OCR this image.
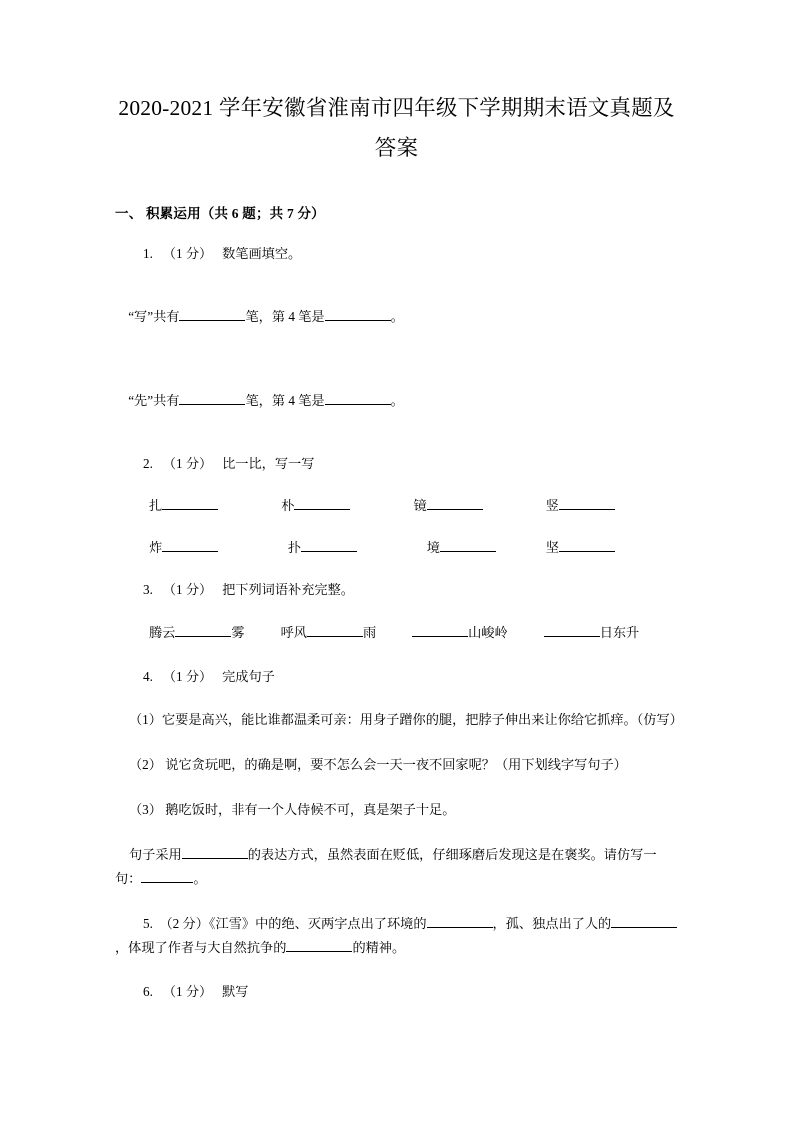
2020-2021 学年安徽省淮南市四年级下学期期末语文真题及答案
一、 积累运用（共 6 题；共 7 分）
1. （1 分） 数笔画填空。

“写”共有	笔，第 4 笔是	。

“先”共有	笔，第 4 笔是	。

2. （1 分） 比一比，写一写
扎	朴	镜	竖
炸	扑	境	坚
3. （1 分） 把下列词语补充完整。
腾云	雾	呼风	雨	山峻岭	日东升
4. （1 分） 完成句子
（1）它要是高兴，能比谁都温柔可亲：用身子蹭你的腿，把脖子伸出来让你给它抓痒。（仿写）
（2） 说它贪玩吧，的确是啊，要不怎么会一天一夜不回家呢？（用下划线字写句子）
（3） 鹅吃饭时，非有一个人侍候不可，真是架子十足。
句子采用	的表达方式，虽然表面在贬低，仔细琢磨后发现这是在褒奖。请仿写一句：	。
5. （2 分）《江雪》中的绝、灭两字点出了环境的	，孤、独点出了人的，体现了作者与大自然抗争的	的精神。
6. （1 分） 默写
